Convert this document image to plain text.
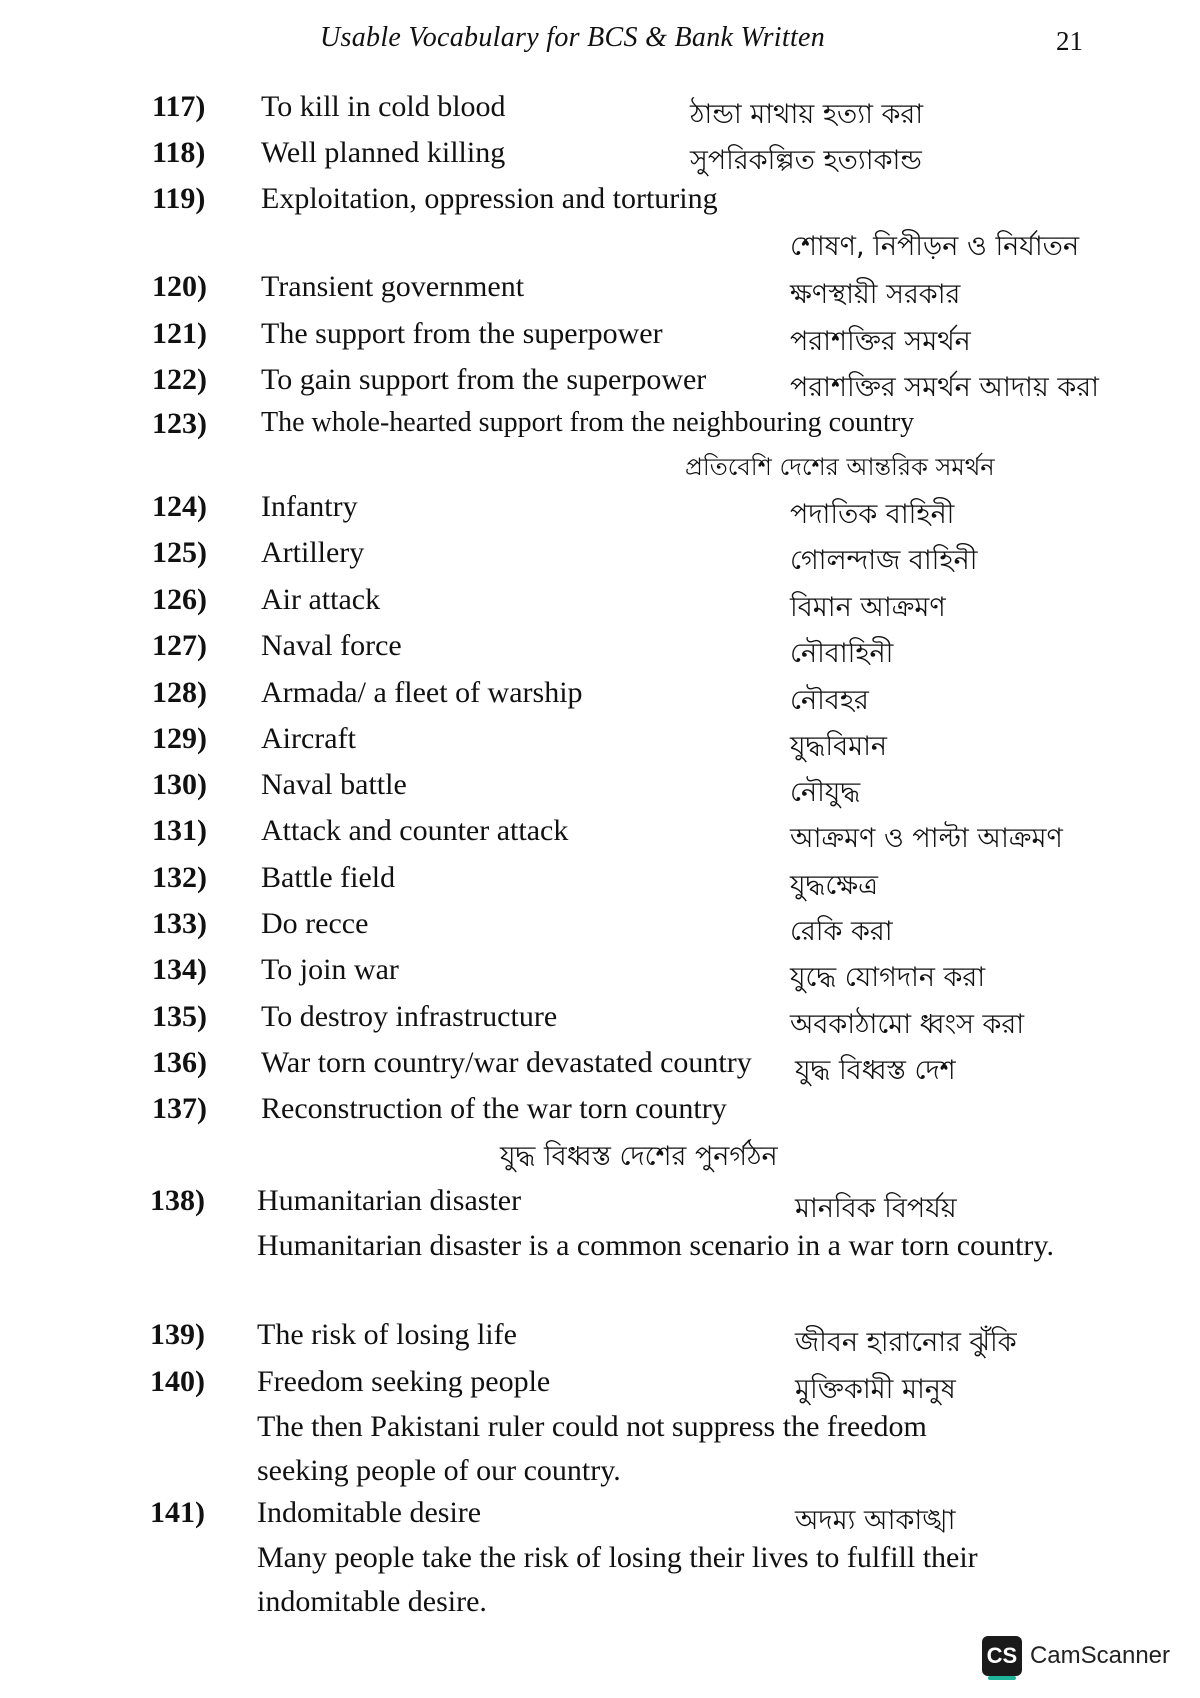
Usable Vocabulary for BCS & Bank Written	21
117) To kill in cold blood	ঠান্ডা মাথায় হত্যা করা
118) Well planned killing	সুপরিকল্পিত হত্যাকান্ড
119) Exploitation, oppression and torturing
শোষণ, নিপীড়ন ও নির্যাতন
120) Transient government	ক্ষণস্থায়ী সরকার
121) The support from the superpower	পরাশক্তির সমর্থন
122) To gain support from the superpower	পরাশক্তির সমর্থন আদায় করা
123) The whole-hearted support from the neighbouring country
প্রতিবেশি দেশের আন্তরিক সমর্থন
124) Infantry	পদাতিক বাহিনী
125) Artillery	গোলন্দাজ বাহিনী
126) Air attack	বিমান আক্রমণ
127) Naval force	নৌবাহিনী
128) Armada/ a fleet of warship	নৌবহর
129) Aircraft	যুদ্ধবিমান
130) Naval battle	নৌযুদ্ধ
131) Attack and counter attack	আক্রমণ ও পাল্টা আক্রমণ
132) Battle field	যুদ্ধক্ষেত্র
133) Do recce	রেকি করা
134) To join war	যুদ্ধে যোগদান করা
135) To destroy infrastructure	অবকাঠামো ধ্বংস করা
136) War torn country/war devastated country যুদ্ধ বিধ্বস্ত দেশ
137) Reconstruction of the war torn country
যুদ্ধ বিধ্বস্ত দেশের পুনর্গঠন
138) Humanitarian disaster	মানবিক বিপর্যয়
Humanitarian disaster is a common scenario in a war torn country.
139) The risk of losing life	জীবন হারানোর ঝুঁকি
140) Freedom seeking people	মুক্তিকামী মানুষ
The then Pakistani ruler could not suppress the freedom seeking people of our country.
141) Indomitable desire	অদম্য আকাঙ্খা
Many people take the risk of losing their lives to fulfill their indomitable desire.
CS CamScanner
